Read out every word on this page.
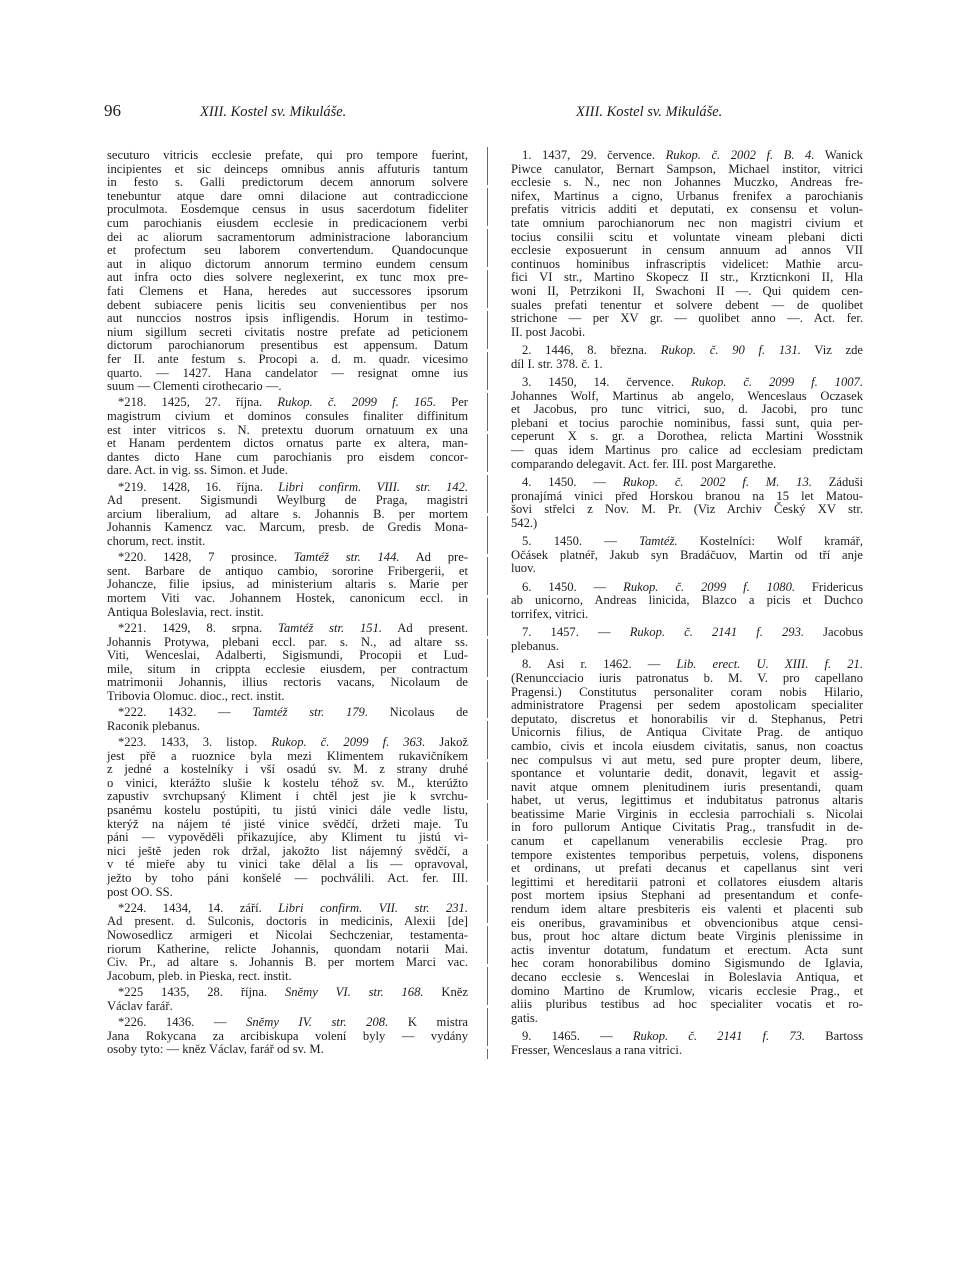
96	XIII. Kostel sv. Mikuláše.	XIII. Kostel sv. Mikuláše.
secuturo vitricis ecclesie prefate, qui pro tempore fuerint,
incipientes et sic deinceps omnibus annis affuturis tantum
in festo s. Galli predictorum decem annorum solvere
tenebuntur atque dare omni dilacione aut contradiccione
proculmota. Eosdemque census in usus sacerdotum fideliter
cum parochianis eiusdem ecclesie in predicacionem verbi
dei ac aliorum sacramentorum administracione laborancium
et profectum seu laborem convertendum. Quandocunque
aut in aliquo dictorum annorum termino eundem censum
aut infra octo dies solvere neglexerint, ex tunc mox pre-
fati Clemens et Hana, heredes aut successores ipsorum
debent subiacere penis licitis seu convenientibus per nos
aut nunccios nostros ipsis infligendis. Horum in testimo-
nium sigillum secreti civitatis nostre prefate ad peticionem
dictorum parochianorum presentibus est appensum. Datum
fer II. ante festum s. Procopi a. d. m. quadr. vicesimo
quarto. — 1427. Hana candelator — resignat omne ius
suum — Clementi cirothecario —.
*218. 1425, 27. října. Rukop. č. 2099 f. 165. Per
magistrum civium et dominos consules finaliter diffinitum
est inter vitricos s. N. pretextu duorum ornatuum ex una
et Hanam perdentem dictos ornatus parte ex altera, man-
dantes dicto Hane cum parochianis pro eisdem concor-
dare. Act. in vig. ss. Simon. et Jude.
*219. 1428, 16. října. Libri confirm. VIII. str. 142.
Ad present. Sigismundi Weylburg de Praga, magistri
arcium liberalium, ad altare s. Johannis B. per mortem
Johannis Kamencz vac. Marcum, presb. de Gredis Mona-
chorum, rect. instit.
*220. 1428, 7 prosince. Tamtéž str. 144. Ad pre-
sent. Barbare de antiquo cambio, sororine Fribergerii, et
Johancze, filie ipsius, ad ministerium altaris s. Marie per
mortem Viti vac. Johannem Hostek, canonicum eccl. in
Antiqua Boleslavia, rect. instit.
*221. 1429, 8. srpna. Tamtéž str. 151. Ad present.
Johannis Protywa, plebani eccl. par. s. N., ad altare ss.
Viti, Wenceslai, Adalberti, Sigismundi, Procopii et Lud-
mile, situm in crippta ecclesie eiusdem, per contractum
matrimonii Johannis, illius rectoris vacans, Nicolaum de
Tribovia Olomuc. dioc., rect. instit.
*222. 1432. — Tamtéž str. 179. Nicolaus de
Raconik plebanus.
*223. 1433, 3. listop. Rukop. č. 2099 f. 363. Jakož
jest přě a ruoznice byla mezi Klimentem rukavičníkem
z jedné a kostelníky i vší osadú sv. M. z strany druhé
o vinici, kterážto slušie k kostelu téhož sv. M., kterúžto
zapustiv svrchupsaný Kliment i chtěl jest jie k svrchu-
psanému kostelu postúpiti, tu jistú vinici dále vedle listu,
kterýž na nájem té jisté vinice svědčí, držeti maje. Tu
páni — vypověděli přikazujíce, aby Kliment tu jistú vi-
nici ještě jeden rok držal, jakožto list nájemný svědčí, a
v té mieře aby tu vinici take dělal a lis — opravoval,
ježto by toho páni konšelé — pochválili. Act. fer. III.
post OO. SS.
*224. 1434, 14. září. Libri confirm. VII. str. 231.
Ad present. d. Sulconis, doctoris in medicinis, Alexii [de]
Nowosedlicz armigeri et Nicolai Sechczeniar, testamenta-
riorum Katherine, relicte Johannis, quondam notarii Mai.
Civ. Pr., ad altare s. Johannis B. per mortem Marci vac.
Jacobum, pleb. in Pieska, rect. instit.
*225 1435, 28. října. Sněmy VI. str. 168. Kněz
Václav farář.
*226. 1436. — Sněmy IV. str. 208. K mistra
Jana Rokycana za arcibiskupa volení byly — vydány
osoby tyto: — kněz Václav, farář od sv. M.
1. 1437, 29. července. Rukop. č. 2002 f. B. 4. Wanick
Piwce canulator, Bernart Sampson, Michael institor, vitrici
ecclesie s. N., nec non Johannes Muczko, Andreas fre-
nifex, Martinus a cigno, Urbanus frenifex a parochianis
prefatis vitricis additi et deputati, ex consensu et volun-
tate omnium parochianorum nec non magistri civium et
tocius consilii scitu et voluntate vineam plebani dicti
ecclesie exposuerunt in censum annuum ad annos VII
continuos hominibus infrascriptis videlicet: Mathie arcu-
fici VI str., Martino Skopecz II str., Krzticnkoni II, Hla
woni II, Petrzikoni II, Swachoni II —. Qui quidem cen-
suales prefati tenentur et solvere debent — de quolibet
strichone — per XV gr. — quolibet anno —. Act. fer.
II. post Jacobi.
2. 1446, 8. března. Rukop. č. 90 f. 131. Viz zde
díl I. str. 378. č. 1.
3. 1450, 14. července. Rukop. č. 2099 f. 1007.
Johannes Wolf, Martinus ab angelo, Wenceslaus Oczasek
et Jacobus, pro tunc vitrici, suo, d. Jacobi, pro tunc
plebani et tocius parochie nominibus, fassi sunt, quia per-
ceperunt X s. gr. a Dorothea, relicta Martini Wosstnik
— quas idem Martinus pro calice ad ecclesiam predictam
comparando delegavit. Act. fer. III. post Margarethe.
4. 1450. — Rukop. č. 2002 f. M. 13. Záduši
pronajímá vinici před Horskou branou na 15 let Matou-
šovi střelci z Nov. M. Pr. (Viz Archiv Český XV str.
542.)
5. 1450. — Tamtéž. Kostelníci: Wolf kramář,
Očásek platnéř, Jakub syn Bradáčuov, Martin od tří anje
luov.
6. 1450. — Rukop. č. 2099 f. 1080. Fridericus
ab unicorno, Andreas linicida, Blazco a picis et Duchco
torrifex, vitrici.
7. 1457. — Rukop. č. 2141 f. 293. Jacobus
plebanus.
8. Asi r. 1462. — Lib. erect. U. XIII. f. 21.
(Renuncciacio iuris patronatus b. M. V. pro capellano
Pragensi.) Constitutus personaliter coram nobis Hilario,
administratore Pragensi per sedem apostolicam specialiter
deputato, discretus et honorabilis vir d. Stephanus, Petri
Unicornis filius, de Antiqua Civitate Prag. de antiquo
cambio, civis et incola eiusdem civitatis, sanus, non coactus
nec compulsus vi aut metu, sed pure propter deum, libere,
spontance et voluntarie dedit, donavit, legavit et assig-
navit atque omnem plenitudinem iuris presentandi, quam
habet, ut verus, legittimus et indubitatus patronus altaris
beatissime Marie Virginis in ecclesia parrochiali s. Nicolai
in foro pullorum Antique Civitatis Prag., transfudit in de-
canum et capellanum venerabilis ecclesie Prag. pro
tempore existentes temporibus perpetuis, volens, disponens
et ordinans, ut prefati decanus et capellanus sint veri
legittimi et hereditarii patroni et collatores eiusdem altaris
post mortem ipsius Stephani ad presentandum et confe-
rendum idem altare presbiteris eis valenti et placenti sub
eis oneribus, gravaminibus et obvencionibus atque censi-
bus, prout hoc altare dictum beate Virginis plenissime in
actis inventur dotatum, fundatum et erectum. Acta sunt
hec coram honorabilibus domino Sigismundo de Iglavia,
decano ecclesie s. Wenceslai in Boleslavia Antiqua, et
domino Martino de Krumlow, vicaris ecclesie Prag., et
aliis pluribus testibus ad hoc specialiter vocatis et ro-
gatis.
9. 1465. — Rukop. č. 2141 f. 73. Bartoss
Fresser, Wenceslaus a rana vitrici.
